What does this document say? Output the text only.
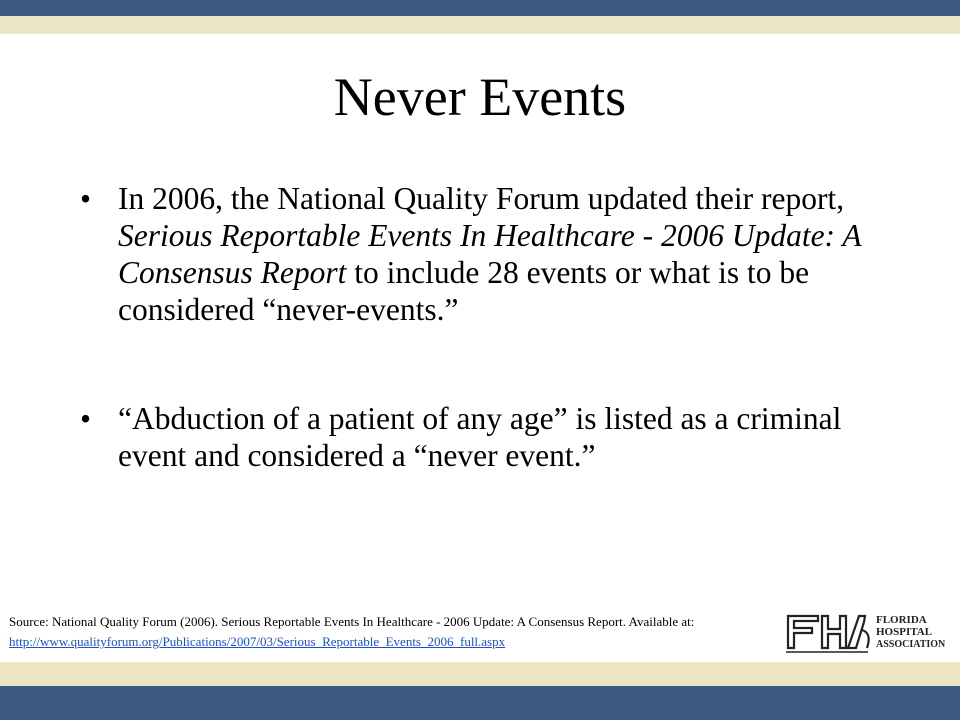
Never Events
• In 2006, the National Quality Forum updated their report, Serious Reportable Events In Healthcare - 2006 Update: A Consensus Report to include 28 events or what is to be considered “never-events.”
• “Abduction of a patient of any age” is listed as a criminal event and considered a “never event.”
Source: National Quality Forum (2006). Serious Reportable Events In Healthcare - 2006 Update: A Consensus Report. Available at: http://www.qualityforum.org/Publications/2007/03/Serious_Reportable_Events_2006_full.aspx
FLORIDA
HOSPITAL
ASSOCIATION
